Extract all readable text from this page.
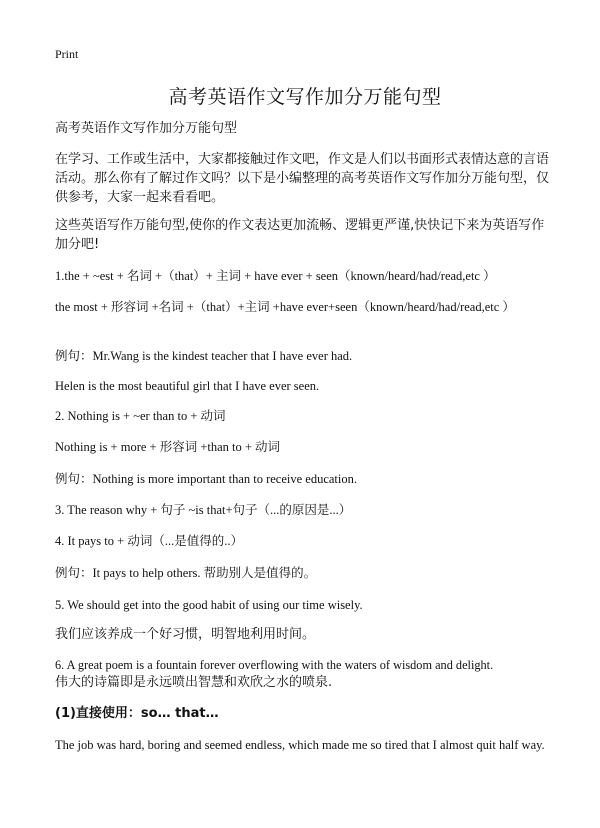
Print
高考英语作文写作加分万能句型
高考英语作文写作加分万能句型
在学习、工作或生活中，大家都接触过作文吧，作文是人们以书面形式表情达意的言语活动。那么你有了解过作文吗？以下是小编整理的高考英语作文写作加分万能句型，仅供参考，大家一起来看看吧。
这些英语写作万能句型,使你的作文表达更加流畅、逻辑更严谨,快快记下来为英语写作加分吧!
1.the + ~est + 名词 +（that）+ 主词 + have ever + seen（known/heard/had/read,etc ）
the most + 形容词 +名词 +（that）+主词 +have ever+seen（known/heard/had/read,etc ）
例句：Mr.Wang is the kindest teacher that I have ever had.
Helen is the most beautiful girl that I have ever seen.
2. Nothing is + ~er than to + 动词
Nothing is + more + 形容词 +than to + 动词
例句：Nothing is more important than to receive education.
3. The reason why + 句子 ~is that+句子（...的原因是...）
4. It pays to + 动词（...是值得的..）
例句：It pays to help others. 帮助别人是值得的。
5. We should get into the good habit of using our time wisely.
我们应该养成一个好习惯，明智地利用时间。
6. A great poem is a fountain forever overflowing with the waters of wisdom and delight.
伟大的诗篇即是永远喷出智慧和欢欣之水的喷泉.
(1)直接使用：so… that…
The job was hard, boring and seemed endless, which made me so tired that I almost quit half way.
